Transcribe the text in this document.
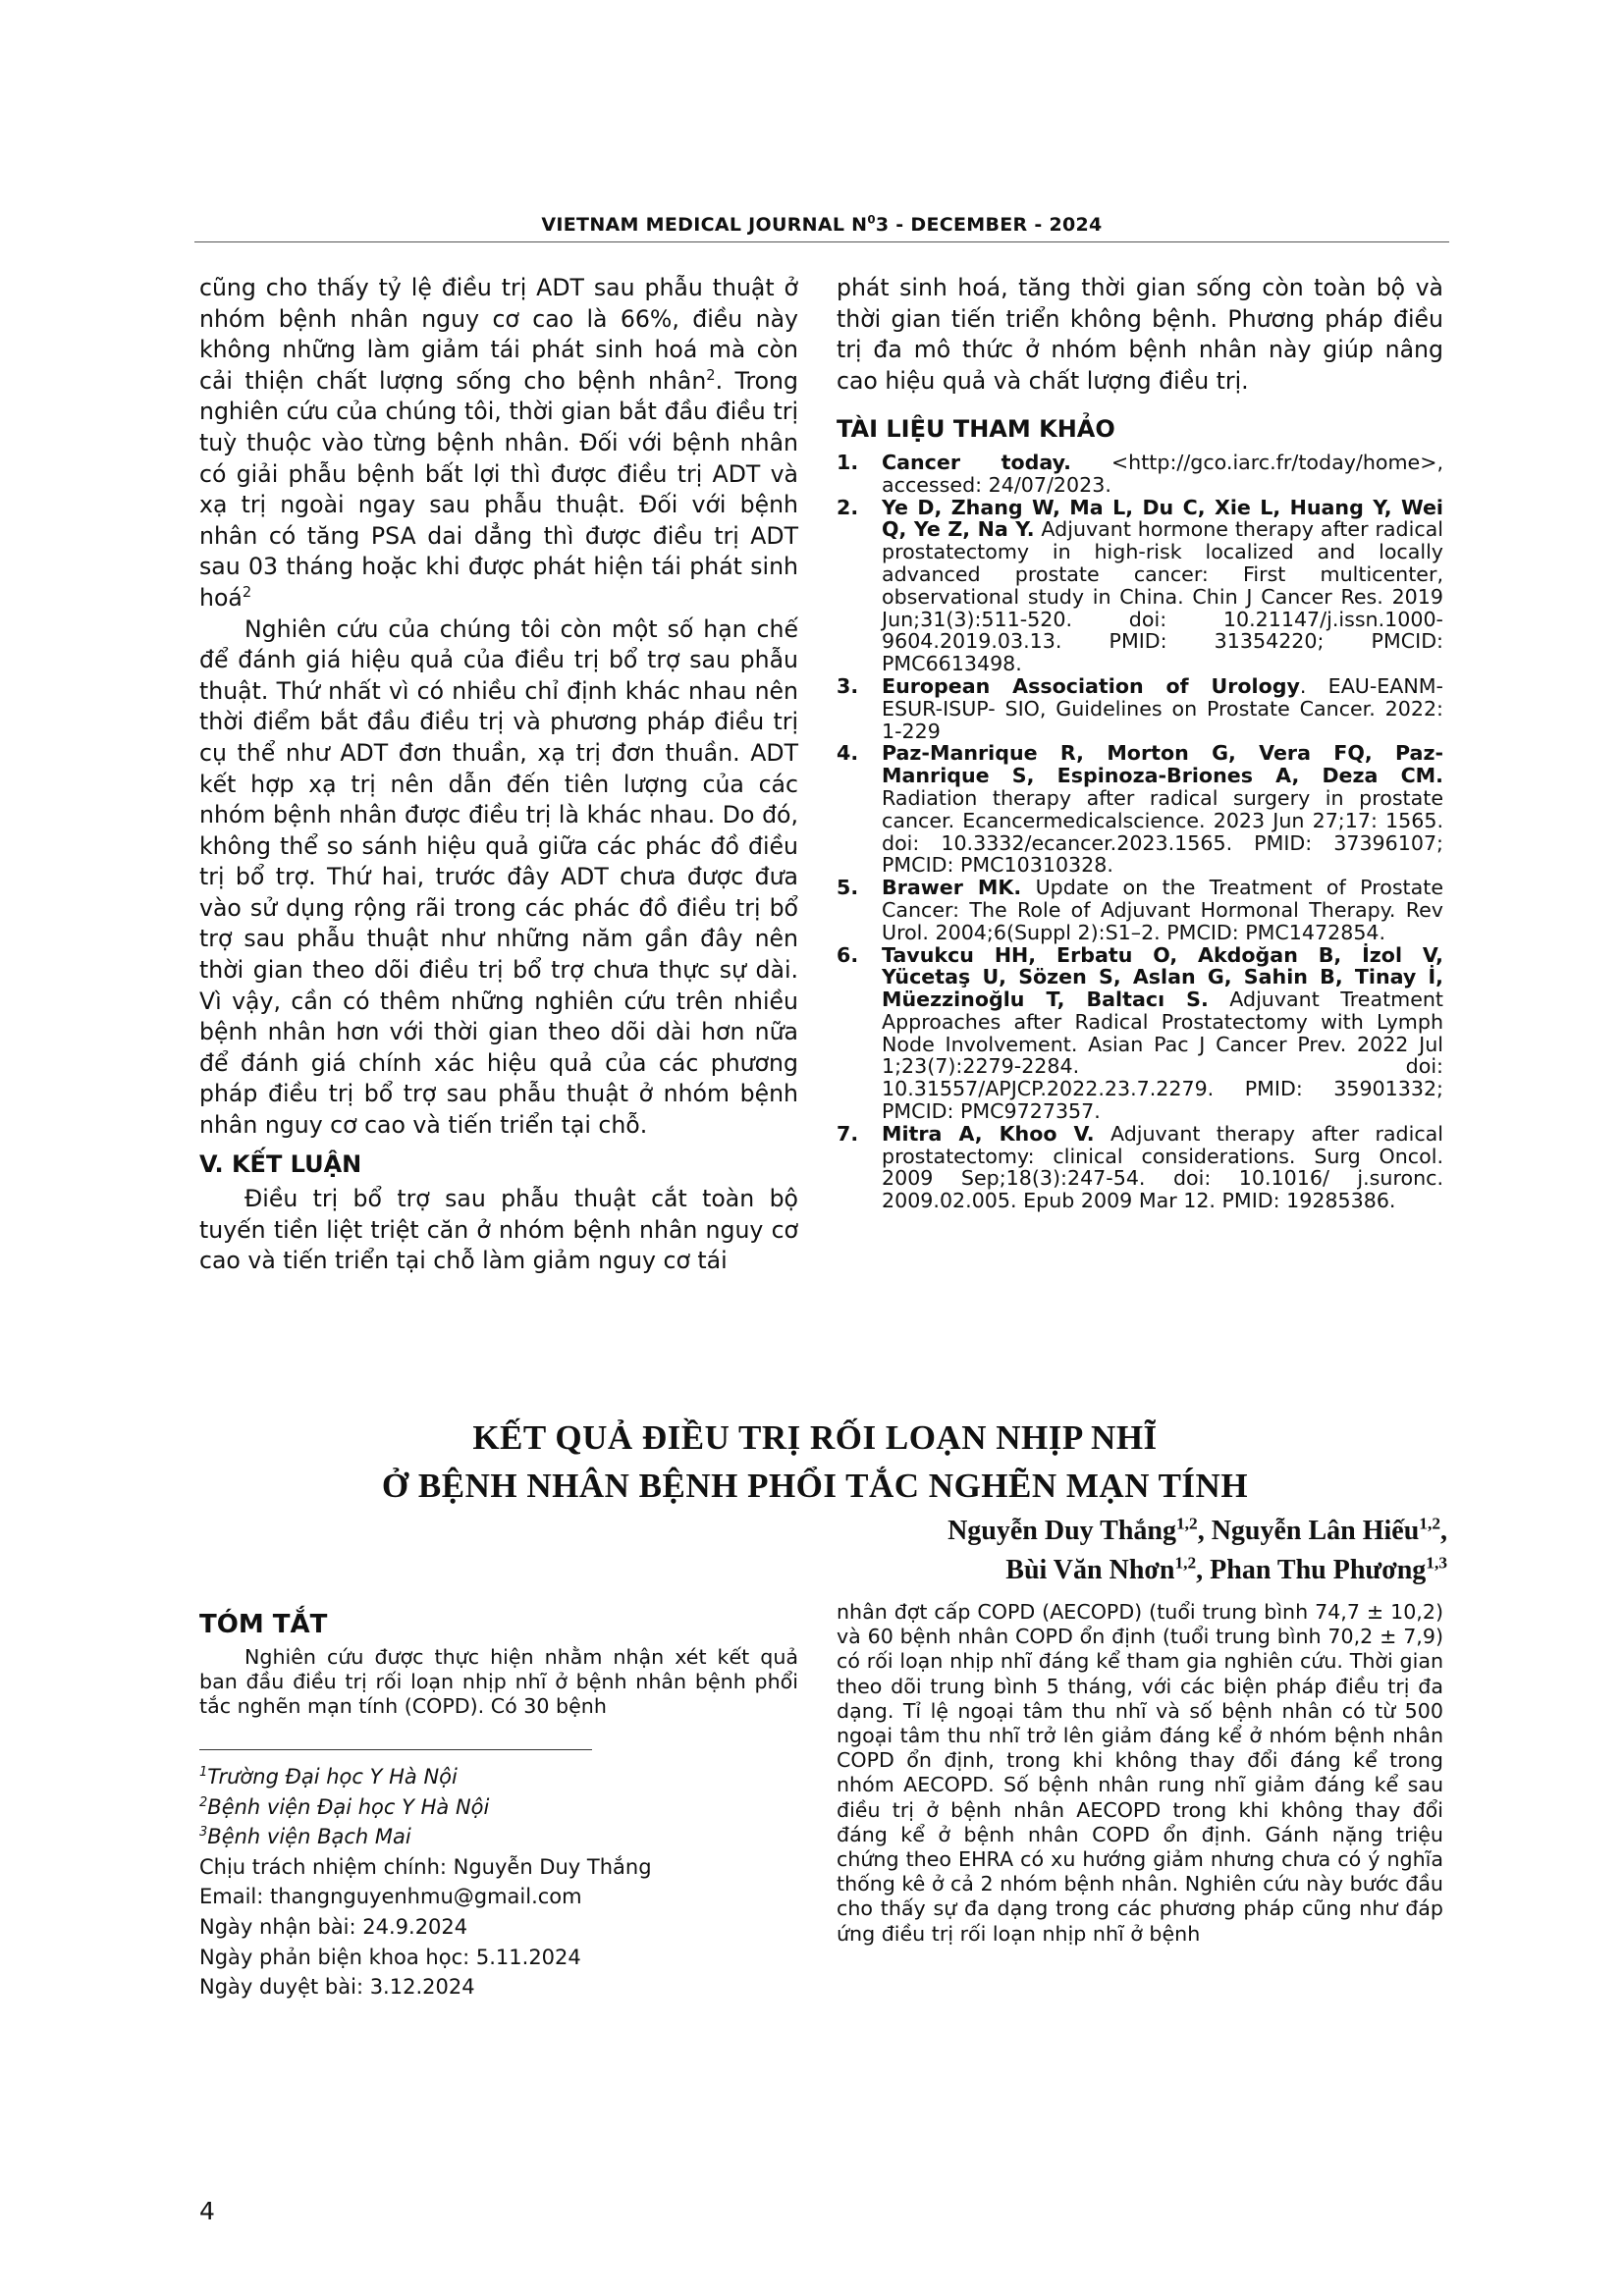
VIETNAM MEDICAL JOURNAL $N^03$ - DECEMBER - 2024

cũng cho thấy tỷ lệ điều trị ADT sau phẫu thuật ở nhóm bệnh nhân nguy cơ cao là 66%, điều này không những làm giảm tái phát sinh hoá mà còn cải thiện chất lượng sống cho bệnh nhân$^2$. Trong nghiên cứu của chúng tôi, thời gian bắt đầu điều trị tuỳ thuộc vào từng bệnh nhân. Đối với bệnh nhân có giải phẫu bệnh bất lợi thì được điều trị ADT và xạ trị ngoài ngay sau phẫu thuật. Đối với bệnh nhân có tăng PSA dai dẳng thì được điều trị ADT sau 03 tháng hoặc khi được phát hiện tái phát sinh hoá$^2$

Nghiên cứu của chúng tôi còn một số hạn chế để đánh giá hiệu quả của điều trị bổ trợ sau phẫu thuật. Thứ nhất vì có nhiều chỉ định khác nhau nên thời điểm bắt đầu điều trị và phương pháp điều trị cụ thể như ADT đơn thuần, xạ trị đơn thuần. ADT kết hợp xạ trị nên dẫn đến tiên lượng của các nhóm bệnh nhân được điều trị là khác nhau. Do đó, không thể so sánh hiệu quả giữa các phác đồ điều trị bổ trợ. Thứ hai, trước đây ADT chưa được đưa vào sử dụng rộng rãi trong các phác đồ điều trị bổ trợ sau phẫu thuật như những năm gần đây nên thời gian theo dõi điều trị bổ trợ chưa thực sự dài. Vì vậy, cần có thêm những nghiên cứu trên nhiều bệnh nhân hơn với thời gian theo dõi dài hơn nữa để đánh giá chính xác hiệu quả của các phương pháp điều trị bổ trợ sau phẫu thuật ở nhóm bệnh nhân nguy cơ cao và tiến triển tại chỗ.

V. KẾT LUẬN

Điều trị bổ trợ sau phẫu thuật cắt toàn bộ tuyến tiền liệt triệt căn ở nhóm bệnh nhân nguy cơ cao và tiến triển tại chỗ làm giảm nguy cơ tái

phát sinh hoá, tăng thời gian sống còn toàn bộ và thời gian tiến triển không bệnh. Phương pháp điều trị đa mô thức ở nhóm bệnh nhân này giúp nâng cao hiệu quả và chất lượng điều trị.

TÀI LIỆU THAM KHẢO
1.	Cancer today. <http://gco.iarc.fr/today/home>, accessed: 24/07/2023.
2.	Ye D, Zhang W, Ma L, Du C, Xie L, Huang Y, Wei Q, Ye Z, Na Y. Adjuvant hormone therapy after radical prostatectomy in high-risk localized and locally advanced prostate cancer: First multicenter, observational study in China. Chin J Cancer Res. 2019 Jun;31(3):511-520. doi: 10.21147/j.issn.1000-9604.2019.03.13. PMID: 31354220; PMCID: PMC6613498.
3.	European Association of Urology. EAU-EANM- ESUR-ISUP- SIO, Guidelines on Prostate Cancer. 2022: 1-229
4.	Paz-Manrique R, Morton G, Vera FQ, Paz-Manrique S, Espinoza-Briones A, Deza CM. Radiation therapy after radical surgery in prostate cancer. Ecancermedicalscience. 2023 Jun 27;17: 1565. doi: 10.3332/ecancer.2023.1565. PMID: 37396107; PMCID: PMC10310328.
5.	Brawer MK. Update on the Treatment of Prostate Cancer: The Role of Adjuvant Hormonal Therapy. Rev Urol. 2004;6(Suppl 2):S1–2. PMCID: PMC1472854.
6.	Tavukcu HH, Erbatu O, Akdoğan B, İzol V, Yücetaş U, Sözen S, Aslan G, Sahin B, Tinay İ, Müezzinoğlu T, Baltacı S. Adjuvant Treatment Approaches after Radical Prostatectomy with Lymph Node Involvement. Asian Pac J Cancer Prev. 2022 Jul 1;23(7):2279-2284. doi: 10.31557/APJCP.2022.23.7.2279. PMID: 35901332; PMCID: PMC9727357.
7.	Mitra A, Khoo V. Adjuvant therapy after radical prostatectomy: clinical considerations. Surg Oncol. 2009 Sep;18(3):247-54. doi: 10.1016/ j.suronc. 2009.02.005. Epub 2009 Mar 12. PMID: 19285386.
KẾT QUẢ ĐIỀU TRỊ RỐI LOẠN NHỊP NHĨ
Ở BỆNH NHÂN BỆNH PHỔI TẮC NGHẼN MẠN TÍNH
Nguyễn Duy Thắng$^{1,2}$, Nguyễn Lân Hiếu$^{1,2}$,
Bùi Văn Nhơn$^{1,2}$, Phan Thu Phương$^{1,3}$
TÓM TẮT

Nghiên cứu được thực hiện nhằm nhận xét kết quả ban đầu điều trị rối loạn nhịp nhĩ ở bệnh nhân bệnh phổi tắc nghẽn mạn tính (COPD). Có 30 bệnh

nhân đợt cấp COPD (AECOPD) (tuổi trung bình 74,7 ± 10,2) và 60 bệnh nhân COPD ổn định (tuổi trung bình 70,2 ± 7,9) có rối loạn nhịp nhĩ đáng kể tham gia nghiên cứu. Thời gian theo dõi trung bình 5 tháng, với các biện pháp điều trị đa dạng. Tỉ lệ ngoại tâm thu nhĩ và số bệnh nhân có từ 500 ngoại tâm thu nhĩ trở lên giảm đáng kể ở nhóm bệnh nhân COPD ổn định, trong khi không thay đổi đáng kể trong nhóm AECOPD. Số bệnh nhân rung nhĩ giảm đáng kể sau điều trị ở bệnh nhân AECOPD trong khi không thay đổi đáng kể ở bệnh nhân COPD ổn định. Gánh nặng triệu chứng theo EHRA có xu hướng giảm nhưng chưa có ý nghĩa thống kê ở cả 2 nhóm bệnh nhân. Nghiên cứu này bước đầu cho thấy sự đa dạng trong các phương pháp cũng như đáp ứng điều trị rối loạn nhịp nhĩ ở bệnh
$^1$Trường Đại học Y Hà Nội
$^2$Bệnh viện Đại học Y Hà Nội
$^3$Bệnh viện Bạch Mai
Chịu trách nhiệm chính: Nguyễn Duy Thắng
Email: thangnguyenhmu@gmail.com
Ngày nhận bài: 24.9.2024
Ngày phản biện khoa học: 5.11.2024
Ngày duyệt bài: 3.12.2024
4
